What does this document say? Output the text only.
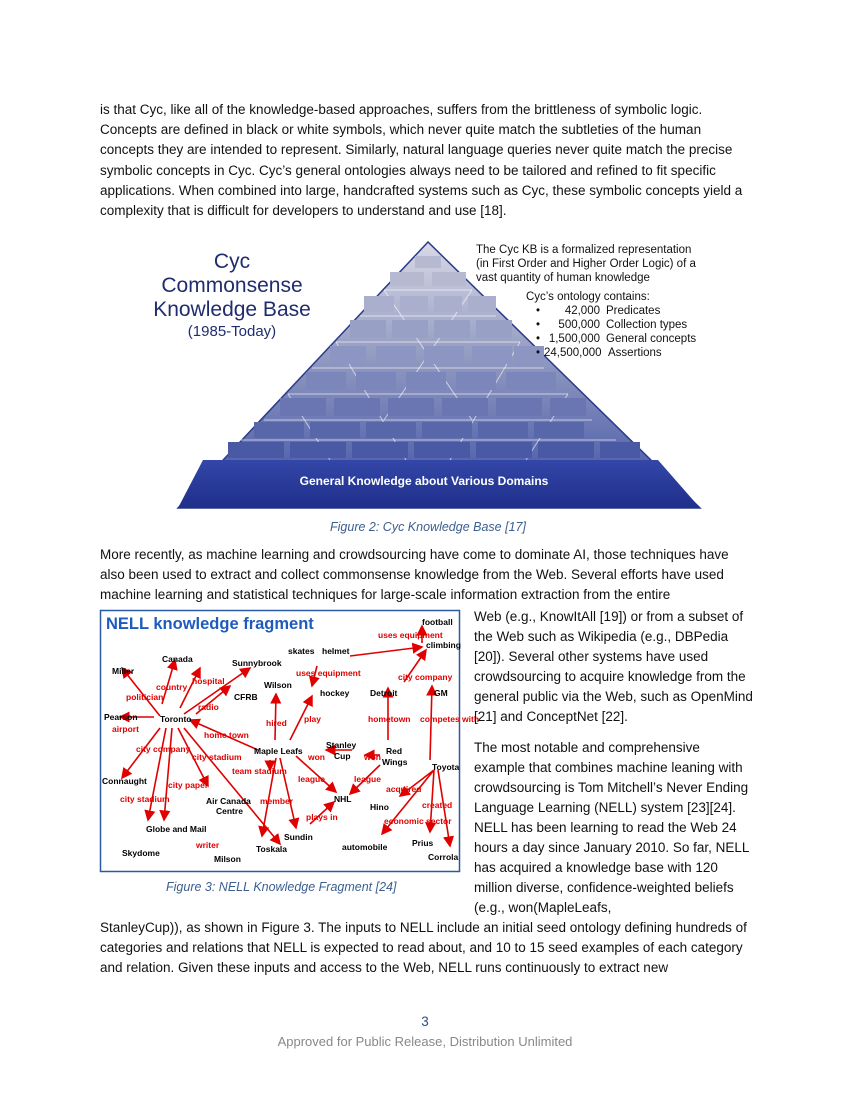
is that Cyc, like all of the knowledge-based approaches, suffers from the brittleness of symbolic logic. Concepts are defined in black or white symbols, which never quite match the subtleties of the human concepts they are intended to represent. Similarly, natural language queries never quite match the precise symbolic concepts in Cyc. Cyc’s general ontologies always need to be tailored and refined to fit specific applications. When combined into large, handcrafted systems such as Cyc, these symbolic concepts yield a complexity that is difficult for developers to understand and use [18].

Cyc
Commonsense
Knowledge Base
(1985-Today)
The Cyc KB is a formalized representation
(in First Order and Higher Order Logic) of a
vast quantity of human knowledge
Cyc’s ontology contains:
• 42,000 Predicates
• 500,000 Collection types
• 1,500,000 General concepts
• 24,500,000 Assertions
General Knowledge about Various Domains
Figure 2: Cyc Knowledge Base [17]

More recently, as machine learning and crowdsourcing have come to dominate AI, those techniques have also been used to extract and collect commonsense knowledge from the Web. Several efforts have used machine learning and statistical techniques for large-scale information extraction from the entire

NELL knowledge fragment	football
climbing
skates helmet
Canada	Sunnybrook
Miller
Wilson
CFRB	hockey Detroit	GM
Pearson	Toronto
Maple Leafs
Stanley
Cup	Red
Wings	Toyota
Connaught
Air Canada
Centre
NHL
Hino
Globe and Mail
Skydome
Sundin
Toskala
Milson
automobile	Prius
Corrola
uses equipment
uses equipment
country
hospital
politician
radio
airport
home town
hired play
city company
hometown competes with
city company
city stadium
team stadium
won	won
league	league
acquired
city paper
city stadium	member
plays in	economic sector
created
writer
Figure 3: NELL Knowledge Fragment [24]

Web (e.g., KnowItAll [19]) or from a subset of the Web such as Wikipedia (e.g., DBPedia [20]). Several other systems have used crowdsourcing to acquire knowledge from the general public via the Web, such as OpenMind [21] and ConceptNet [22].

The most notable and comprehensive example that combines machine leaning with crowdsourcing is Tom Mitchell’s Never Ending Language Learning (NELL) system [23][24]. NELL has been learning to read the Web 24 hours a day since January 2010. So far, NELL has acquired a knowledge base with 120 million diverse, confidence-weighted beliefs (e.g., won(MapleLeafs,

StanleyCup)), as shown in Figure 3. The inputs to NELL include an initial seed ontology defining hundreds of categories and relations that NELL is expected to read about, and 10 to 15 seed examples of each category and relation. Given these inputs and access to the Web, NELL runs continuously to extract new

3
Approved for Public Release, Distribution Unlimited
